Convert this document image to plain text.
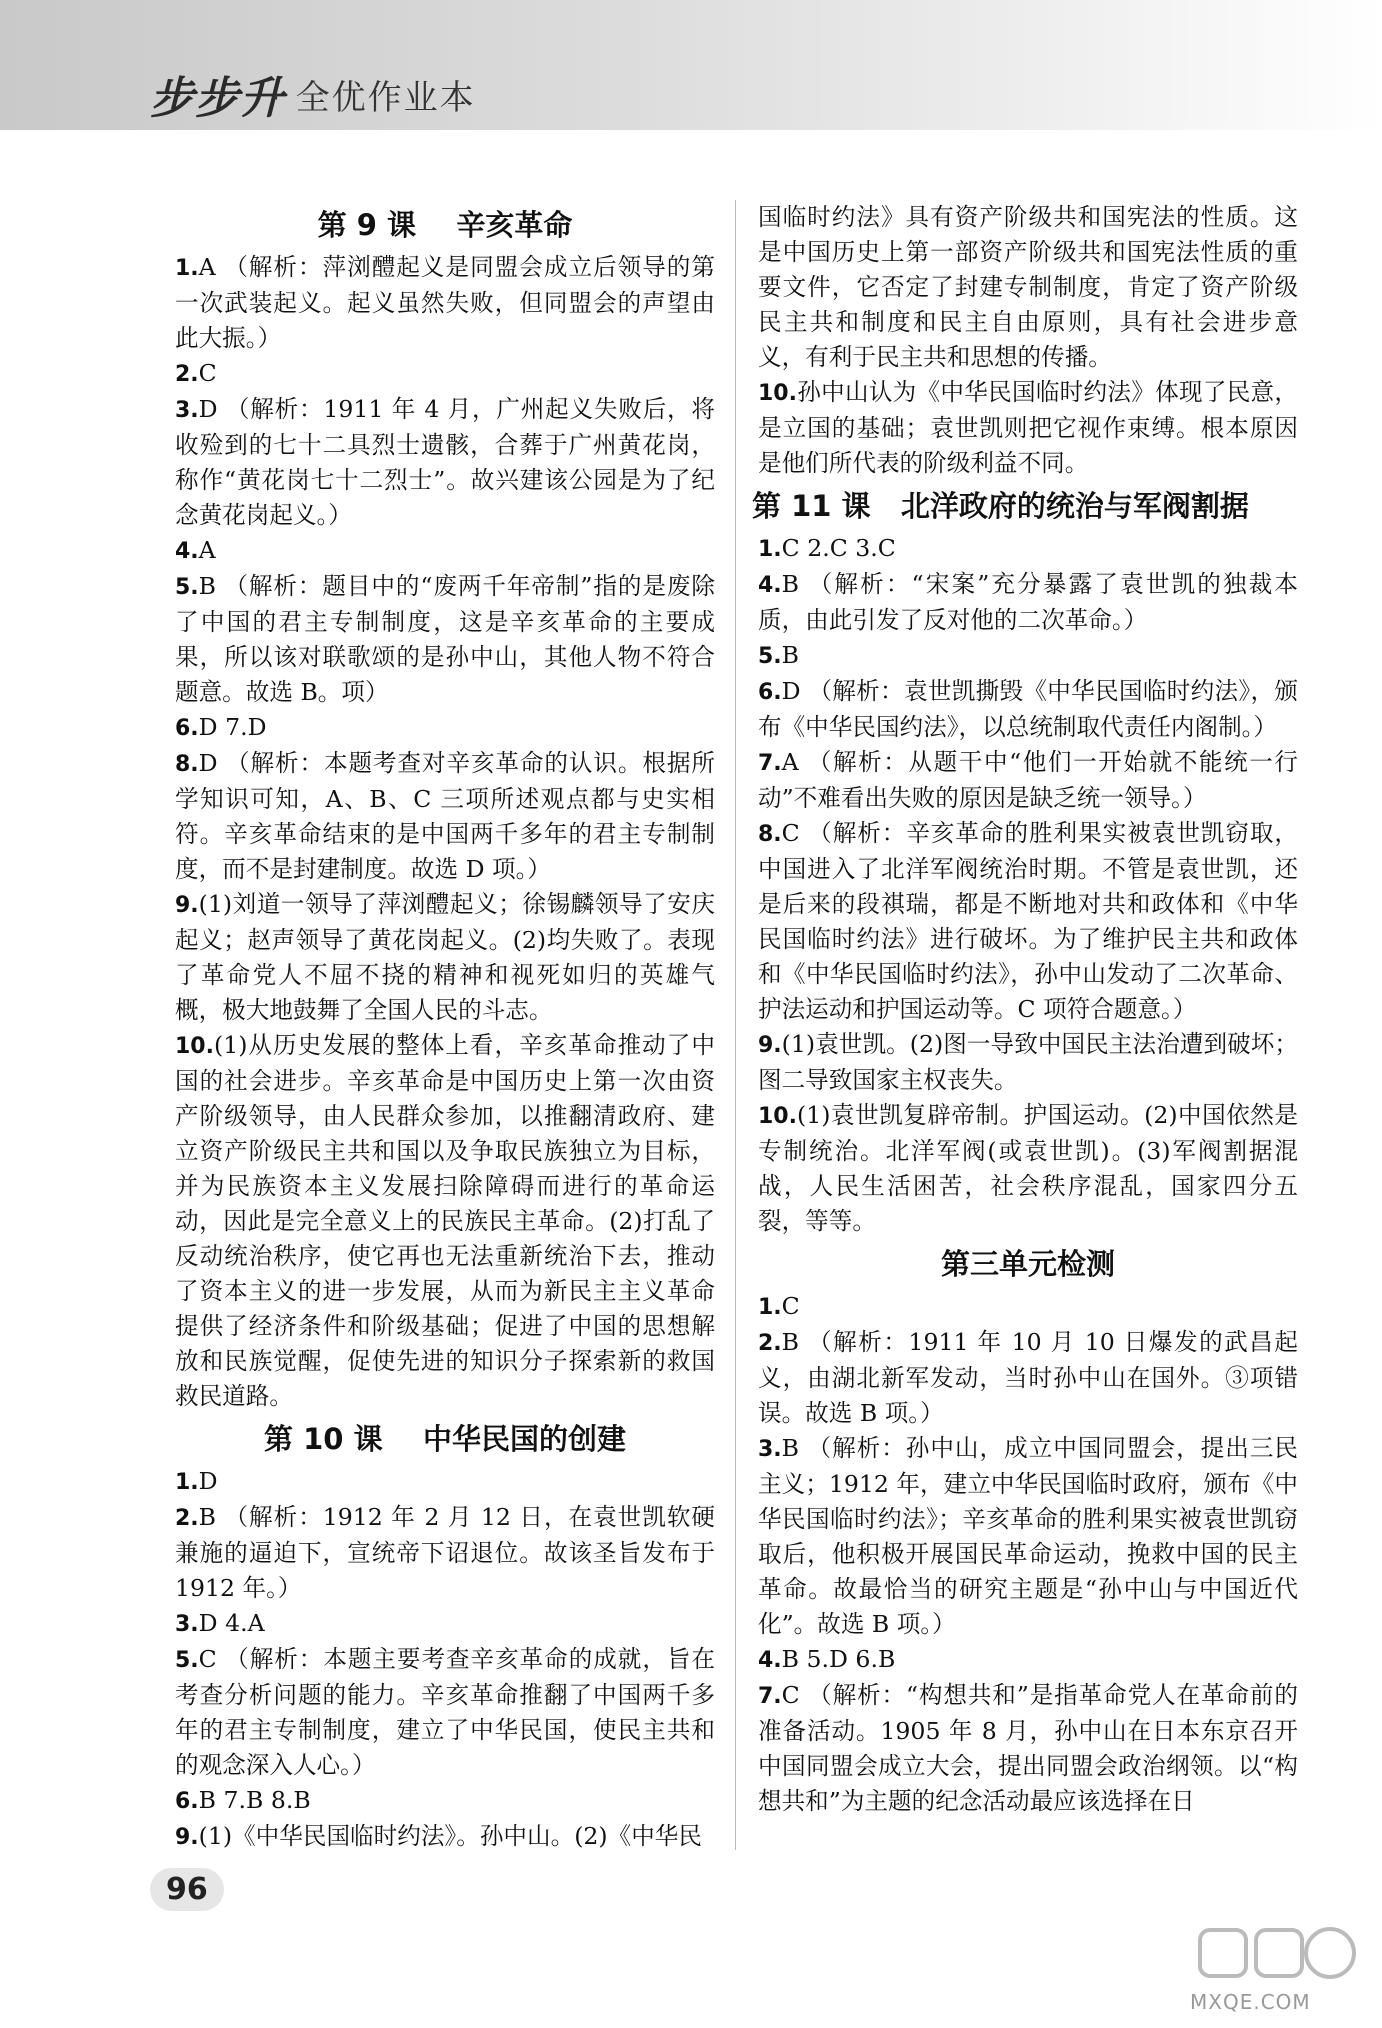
步步升
· 全优作业本
第 9 课    辛亥革命

1.A （解析：萍浏醴起义是同盟会成立后领导的第一次武装起义。起义虽然失败，但同盟会的声望由此大振。）

2.C

3.D （解析：1911 年 4 月，广州起义失败后，将收殓到的七十二具烈士遗骸，合葬于广州黄花岗，称作“黄花岗七十二烈士”。故兴建该公园是为了纪念黄花岗起义。）

4.A

5.B （解析：题目中的“废两千年帝制”指的是废除了中国的君主专制制度，这是辛亥革命的主要成果，所以该对联歌颂的是孙中山，其他人物不符合题意。故选 B。项）

6.D 7.D

8.D （解析：本题考查对辛亥革命的认识。根据所学知识可知，A、B、C 三项所述观点都与史实相符。辛亥革命结束的是中国两千多年的君主专制制度，而不是封建制度。故选 D 项。）

9.(1)刘道一领导了萍浏醴起义；徐锡麟领导了安庆起义；赵声领导了黄花岗起义。(2)均失败了。表现了革命党人不屈不挠的精神和视死如归的英雄气概，极大地鼓舞了全国人民的斗志。

10.(1)从历史发展的整体上看，辛亥革命推动了中国的社会进步。辛亥革命是中国历史上第一次由资产阶级领导，由人民群众参加，以推翻清政府、建立资产阶级民主共和国以及争取民族独立为目标，并为民族资本主义发展扫除障碍而进行的革命运动，因此是完全意义上的民族民主革命。(2)打乱了反动统治秩序，使它再也无法重新统治下去，推动了资本主义的进一步发展，从而为新民主主义革命提供了经济条件和阶级基础；促进了中国的思想解放和民族觉醒，促使先进的知识分子探索新的救国救民道路。

第 10 课    中华民国的创建

1.D

2.B （解析：1912 年 2 月 12 日，在袁世凯软硬兼施的逼迫下，宣统帝下诏退位。故该圣旨发布于 1912 年。）

3.D 4.A

5.C （解析：本题主要考查辛亥革命的成就，旨在考查分析问题的能力。辛亥革命推翻了中国两千多年的君主专制制度，建立了中华民国，使民主共和的观念深入人心。）

6.B 7.B 8.B

9.(1)《中华民国临时约法》。孙中山。(2)《中华民

国临时约法》具有资产阶级共和国宪法的性质。这是中国历史上第一部资产阶级共和国宪法性质的重要文件，它否定了封建专制制度，肯定了资产阶级民主共和制度和民主自由原则，具有社会进步意义，有利于民主共和思想的传播。

10.孙中山认为《中华民国临时约法》体现了民意，是立国的基础；袁世凯则把它视作束缚。根本原因是他们所代表的阶级利益不同。

第 11 课   北洋政府的统治与军阀割据

1.C 2.C 3.C

4.B （解析：“宋案”充分暴露了袁世凯的独裁本质，由此引发了反对他的二次革命。）

5.B

6.D （解析：袁世凯撕毁《中华民国临时约法》，颁布《中华民国约法》，以总统制取代责任内阁制。）

7.A （解析：从题干中“他们一开始就不能统一行动”不难看出失败的原因是缺乏统一领导。）

8.C （解析：辛亥革命的胜利果实被袁世凯窃取，中国进入了北洋军阀统治时期。不管是袁世凯，还是后来的段祺瑞，都是不断地对共和政体和《中华民国临时约法》进行破坏。为了维护民主共和政体和《中华民国临时约法》，孙中山发动了二次革命、护法运动和护国运动等。C 项符合题意。）

9.(1)袁世凯。(2)图一导致中国民主法治遭到破坏；图二导致国家主权丧失。

10.(1)袁世凯复辟帝制。护国运动。(2)中国依然是专制统治。北洋军阀(或袁世凯)。(3)军阀割据混战，人民生活困苦，社会秩序混乱，国家四分五裂，等等。

第三单元检测

1.C

2.B （解析：1911 年 10 月 10 日爆发的武昌起义，由湖北新军发动，当时孙中山在国外。③项错误。故选 B 项。）

3.B （解析：孙中山，成立中国同盟会，提出三民主义；1912 年，建立中华民国临时政府，颁布《中华民国临时约法》；辛亥革命的胜利果实被袁世凯窃取后，他积极开展国民革命运动，挽救中国的民主革命。故最恰当的研究主题是“孙中山与中国近代化”。故选 B 项。）

4.B 5.D 6.B

7.C （解析：“构想共和”是指革命党人在革命前的准备活动。1905 年 8 月，孙中山在日本东京召开中国同盟会成立大会，提出同盟会政治纲领。以“构想共和”为主题的纪念活动最应该选择在日

96
MXQE.COM
